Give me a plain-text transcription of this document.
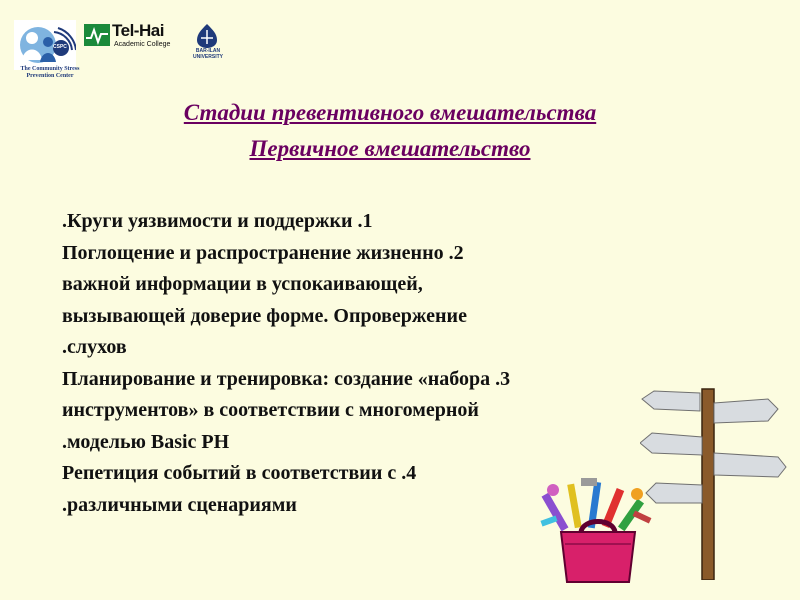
CSPC
The Community Stress
Prevention Center
Tel-Hai
Academic College
BAR-ILAN UNIVERSITY
Стадии превентивного вмешательства
Первичное вмешательство
.Круги уязвимости и поддержки .1
Поглощение и распространение жизненно .2
важной информации в успокаивающей,
вызывающей доверие форме. Опровержение
.слухов
Планирование и тренировка: создание «набора .3
инструментов» в соответствии с многомерной
.моделью Basic PH
Репетиция событий в соответствии с .4
.различными сценариями
